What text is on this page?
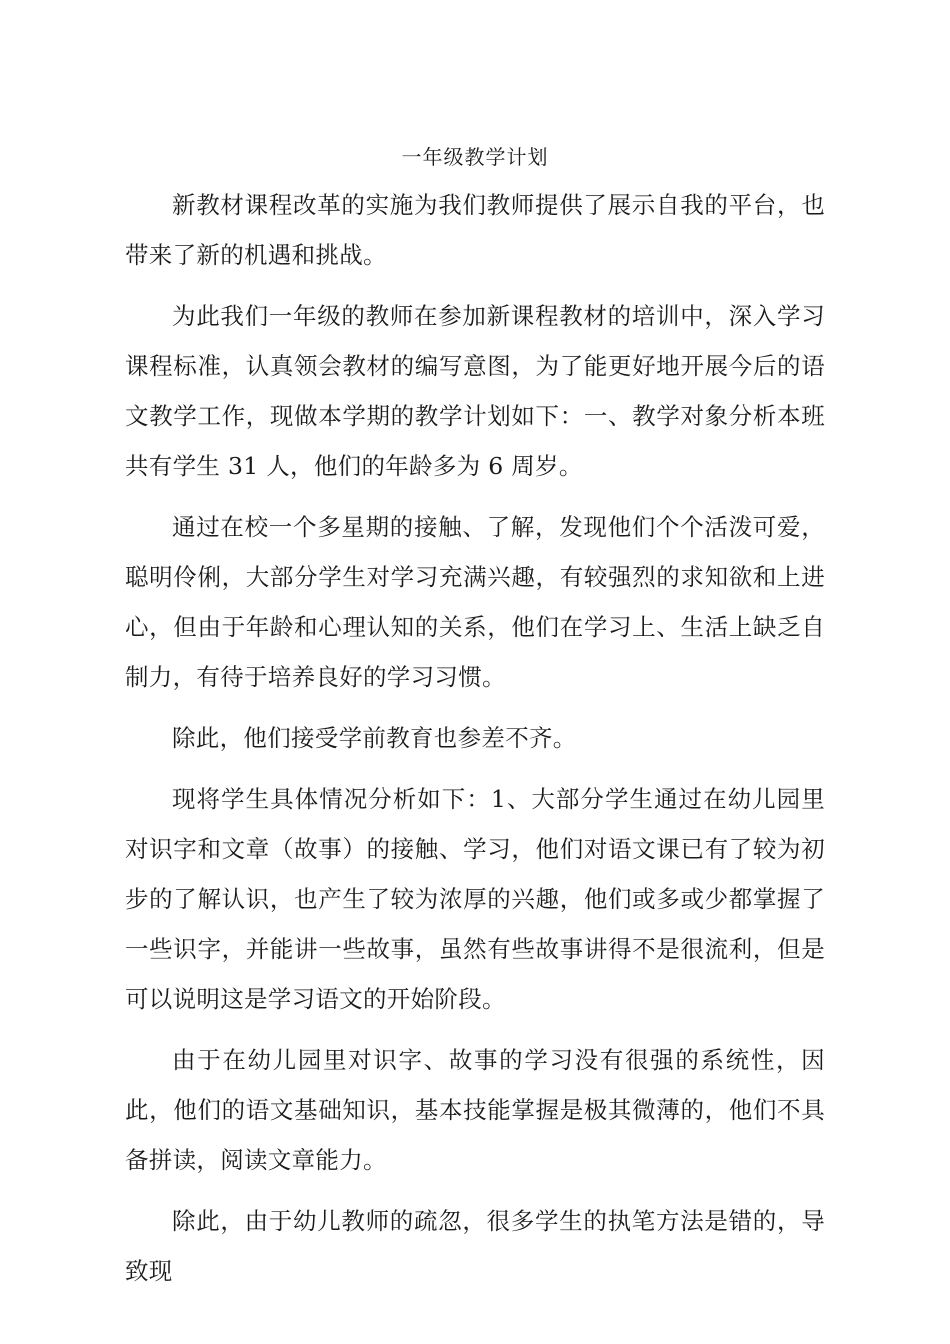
一年级教学计划

新教材课程改革的实施为我们教师提供了展示自我的平台，也带来了新的机遇和挑战。

为此我们一年级的教师在参加新课程教材的培训中，深入学习课程标准，认真领会教材的编写意图，为了能更好地开展今后的语文教学工作，现做本学期的教学计划如下：一、教学对象分析本班共有学生 31 人，他们的年龄多为 6 周岁。

通过在校一个多星期的接触、了解，发现他们个个活泼可爱，聪明伶俐，大部分学生对学习充满兴趣，有较强烈的求知欲和上进心，但由于年龄和心理认知的关系，他们在学习上、生活上缺乏自制力，有待于培养良好的学习习惯。

除此，他们接受学前教育也参差不齐。

现将学生具体情况分析如下：1、大部分学生通过在幼儿园里对识字和文章（故事）的接触、学习，他们对语文课已有了较为初步的了解认识，也产生了较为浓厚的兴趣，他们或多或少都掌握了一些识字，并能讲一些故事，虽然有些故事讲得不是很流利，但是可以说明这是学习语文的开始阶段。

由于在幼儿园里对识字、故事的学习没有很强的系统性，因此，他们的语文基础知识，基本技能掌握是极其微薄的，他们不具备拼读，阅读文章能力。

除此，由于幼儿教师的疏忽，很多学生的执笔方法是错的，导致现
